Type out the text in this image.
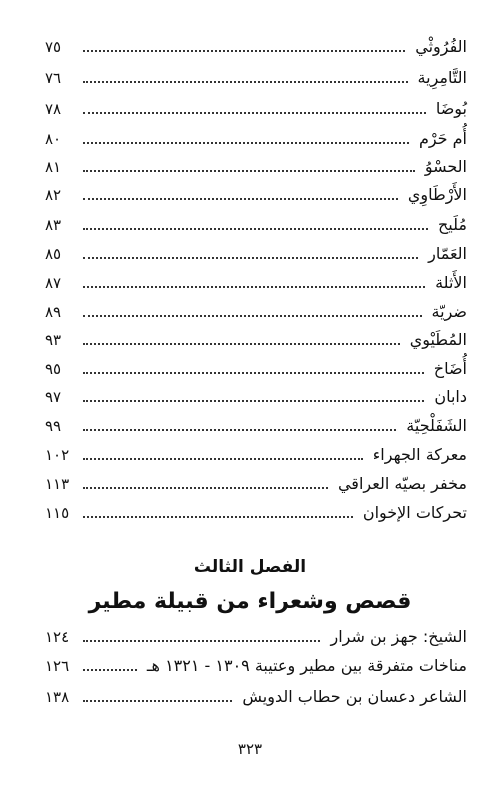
٧٥	الفُرُوثْي
٧٦	التَّامِرِية
٧٨	بُوضَا
٨٠	أُم حَرْم
٨١	الحسْوُ
٨٢	الأَرْطَاوِي
٨٣	مُلَيح
٨٥	العَمّار
٨٧	الأَثلة
٨٩	ضريّة
٩٣	المُطَيْوي
٩٥	أُضَاخ
٩٧	دابان
٩٩	الشَفَلْحِيّة
١٠٢	معركة الجهراء
١١٣	مخفر بصيّه العراقي
١١٥	تحركات الإخوان
الفصل الثالث
قصص وشعراء من قبيلة مطير
١٢٤	الشيخ: جهز بن شرار
١٢٦	مناخات متفرقة بين مطير وعتيبة ١٣٠٩ - ١٣٢١ هـ
١٣٨	الشاعر دعسان بن حطاب الدويش
٣٢٣
